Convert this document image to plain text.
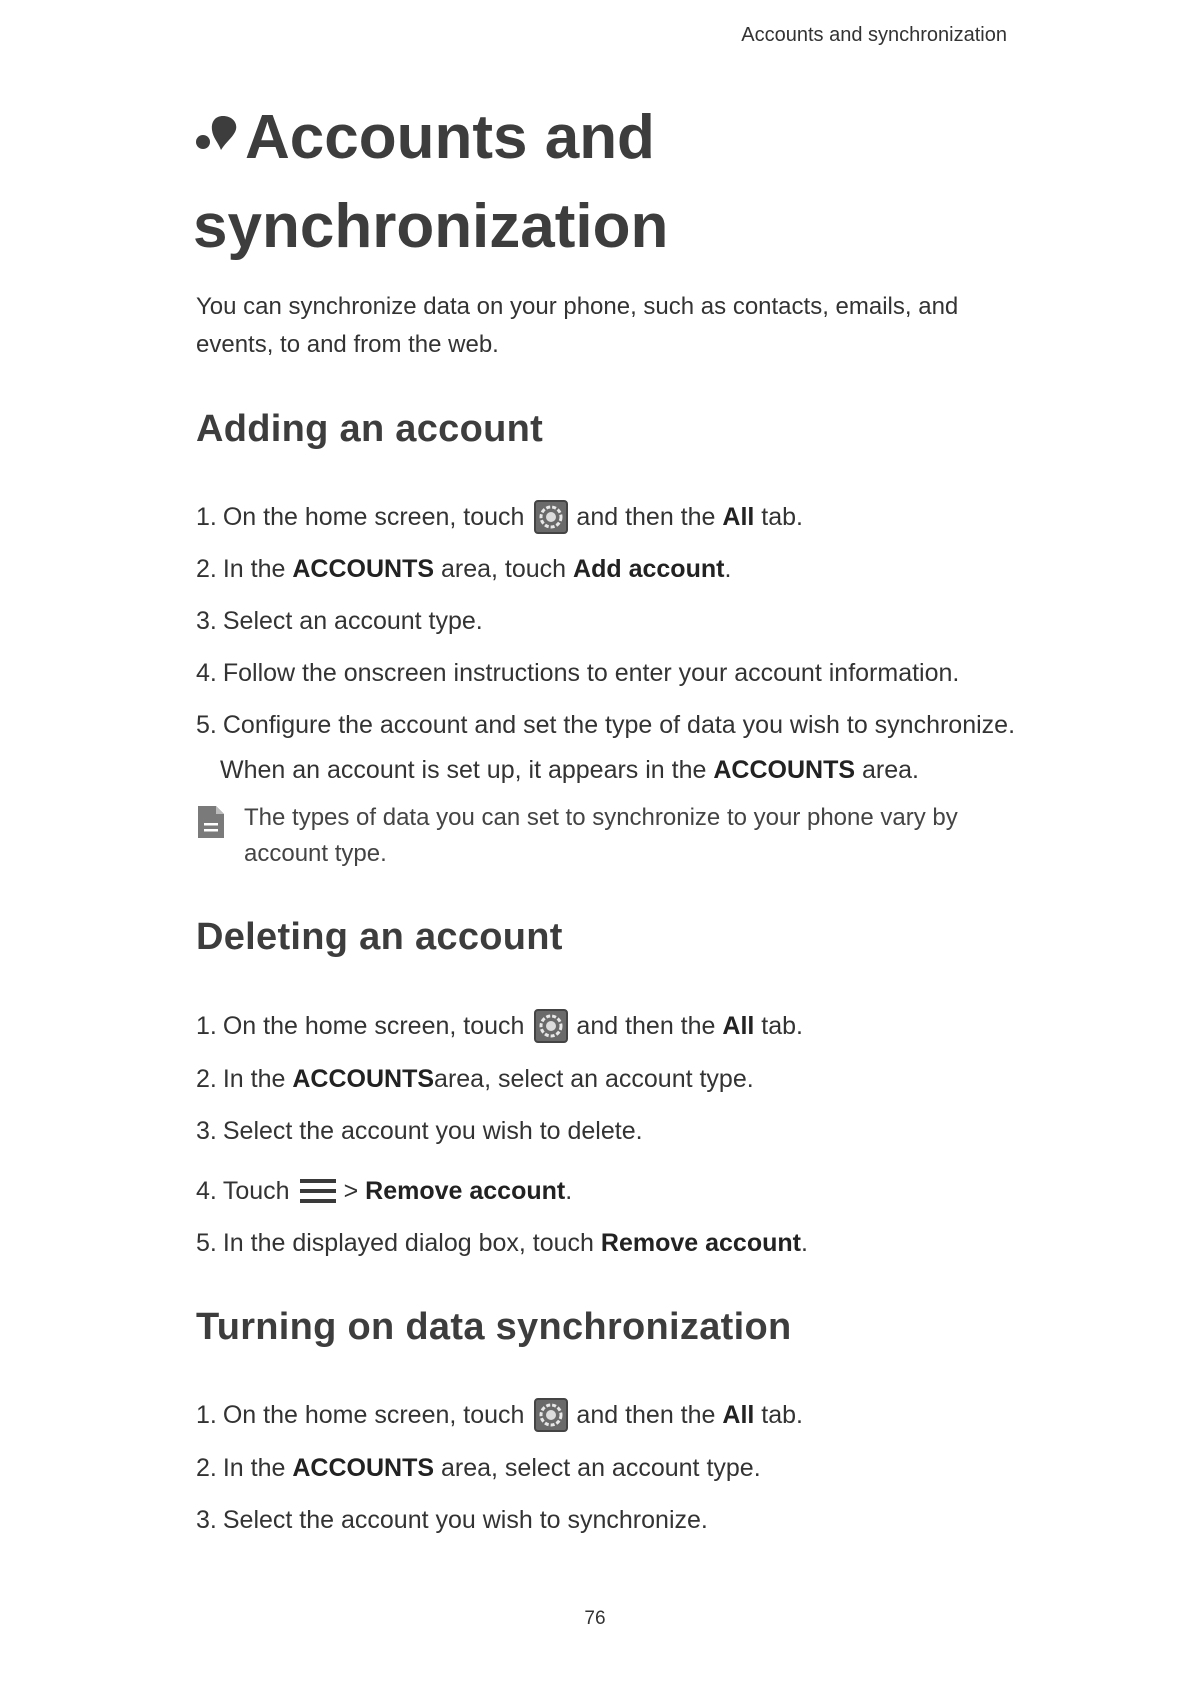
Accounts and synchronization
Accounts and synchronization

You can synchronize data on your phone, such as contacts, emails, and events, to and from the web.

Adding an account
1. On the home screen, touch and then the
All
tab.
2. In the
ACCOUNTS
area, touch
Add account .
3. Select an account type.
4. Follow the onscreen instructions to enter your account information.
5. Configure the account and set the type of data you wish to synchronize.
When an account is set up, it appears in the ACCOUNTS area.
The types of data you can set to synchronize to your phone vary by account type.
Deleting an account
1. On the home screen, touch and then the
All
tab.
2. In the
ACCOUNTS area, select an account type.
3. Select the account you wish to delete.
4. Touch >
Remove account .
5. In the displayed dialog box, touch
Remove account .
Turning on data synchronization
1. On the home screen, touch and then the
All
tab.
2. In the
ACCOUNTS
area, select an account type.
3. Select the account you wish to synchronize.
76
